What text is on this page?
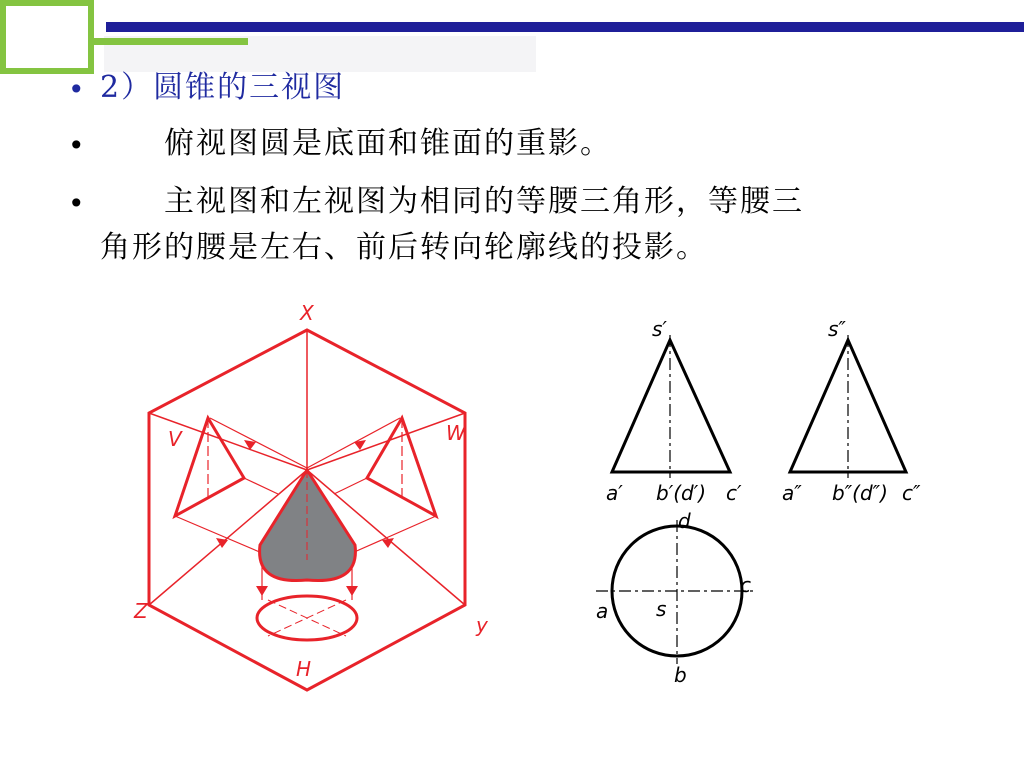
• 2）圆锥的三视图
•	俯视图圆是底面和锥面的重影。
•	主视图和左视图为相同的等腰三角形，等腰三
角形的腰是左右、前后转向轮廓线的投影。
X
y
Z
V	W
H
s′
a′ b′(d′) c′
s″
a″ b″(d″) c″
d
a s
c
b
